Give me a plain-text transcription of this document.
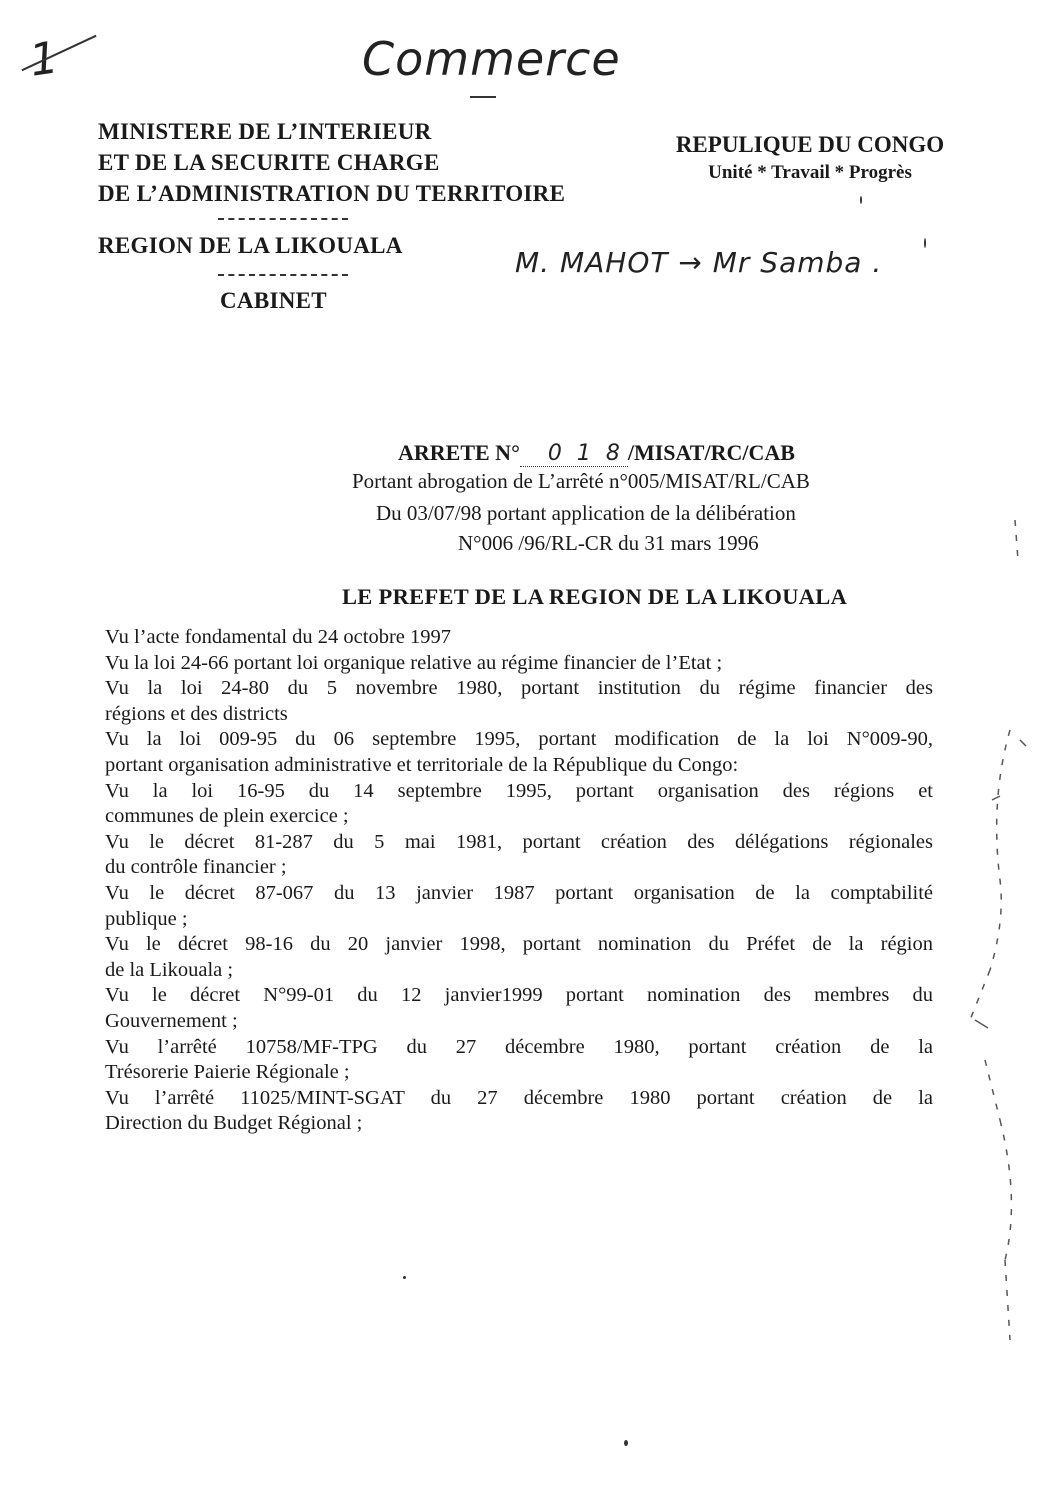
1	Commerce
M. MAHOT → Mr Samba .
MINISTERE DE L’INTERIEUR
ET DE LA SECURITE CHARGE
DE L’ADMINISTRATION DU TERRITOIRE
REGION DE LA LIKOUALA
CABINET
REPULIQUE DU CONGO
Unité * Travail * Progrès
ARRETE N° 0 1 8 /MISAT/RC/CAB
Portant abrogation de L’arrêté n°005/MISAT/RL/CAB
Du 03/07/98 portant application de la délibération
N°006 /96/RL-CR du 31 mars 1996
LE PREFET DE LA REGION DE LA LIKOUALA

Vu l’acte fondamental du 24 octobre 1997

Vu la loi 24-66 portant loi organique relative au régime financier de l’Etat ;

Vu la loi 24-80 du 5 novembre 1980, portant institution du régime financier des

régions et des districts

Vu la loi 009-95 du 06 septembre 1995, portant modification de la loi N°009-90,

portant organisation administrative et territoriale de la République du Congo:

Vu la loi 16-95 du 14 septembre 1995, portant organisation des régions et

communes de plein exercice ;

Vu le décret 81-287 du 5 mai 1981, portant création des délégations régionales

du contrôle financier ;

Vu le décret 87-067 du 13 janvier 1987 portant organisation de la comptabilité

publique ;

Vu le décret 98-16 du 20 janvier 1998, portant nomination du Préfet de la région

de la Likouala ;

Vu le décret N°99-01 du 12 janvier1999 portant nomination des membres du

Gouvernement ;

Vu l’arrêté 10758/MF-TPG du 27 décembre 1980, portant création de la

Trésorerie Paierie Régionale ;

Vu l’arrêté 11025/MINT-SGAT du 27 décembre 1980 portant création de la

Direction du Budget Régional ;
